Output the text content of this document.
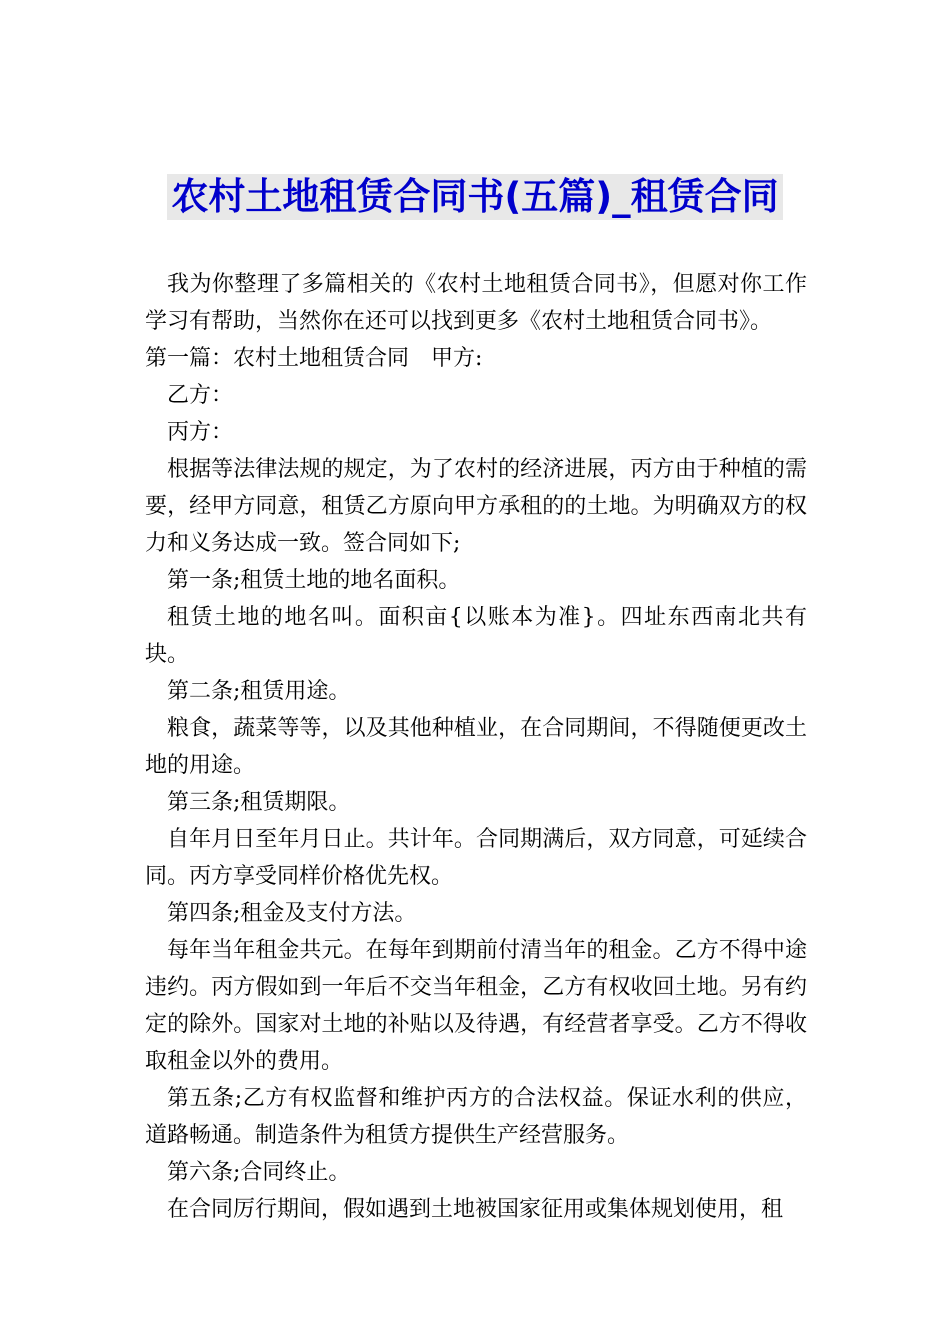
农村土地租赁合同书(五篇)_租赁合同

我为你整理了多篇相关的《农村土地租赁合同书》，但愿对你工作学习有帮助，当然你在还可以找到更多《农村土地租赁合同书》。

第一篇：农村土地租赁合同　甲方:

乙方：

丙方：

根据等法律法规的规定，为了农村的经济进展，丙方由于种植的需要，经甲方同意，租赁乙方原向甲方承租的的土地。为明确双方的权力和义务达成一致。签合同如下;

第一条;租赁土地的地名面积。

租赁土地的地名叫。面积亩{以账本为准}。四址东西南北共有块。

第二条;租赁用途。

粮食，蔬菜等等，以及其他种植业，在合同期间，不得随便更改土地的用途。

第三条;租赁期限。

自年月日至年月日止。共计年。合同期满后，双方同意，可延续合同。丙方享受同样价格优先权。

第四条;租金及支付方法。

每年当年租金共元。在每年到期前付清当年的租金。乙方不得中途违约。丙方假如到一年后不交当年租金，乙方有权收回土地。另有约定的除外。国家对土地的补贴以及待遇，有经营者享受。乙方不得收取租金以外的费用。

第五条;乙方有权监督和维护丙方的合法权益。保证水利的供应，道路畅通。制造条件为租赁方提供生产经营服务。

第六条;合同终止。

在合同厉行期间，假如遇到土地被国家征用或集体规划使用，租
